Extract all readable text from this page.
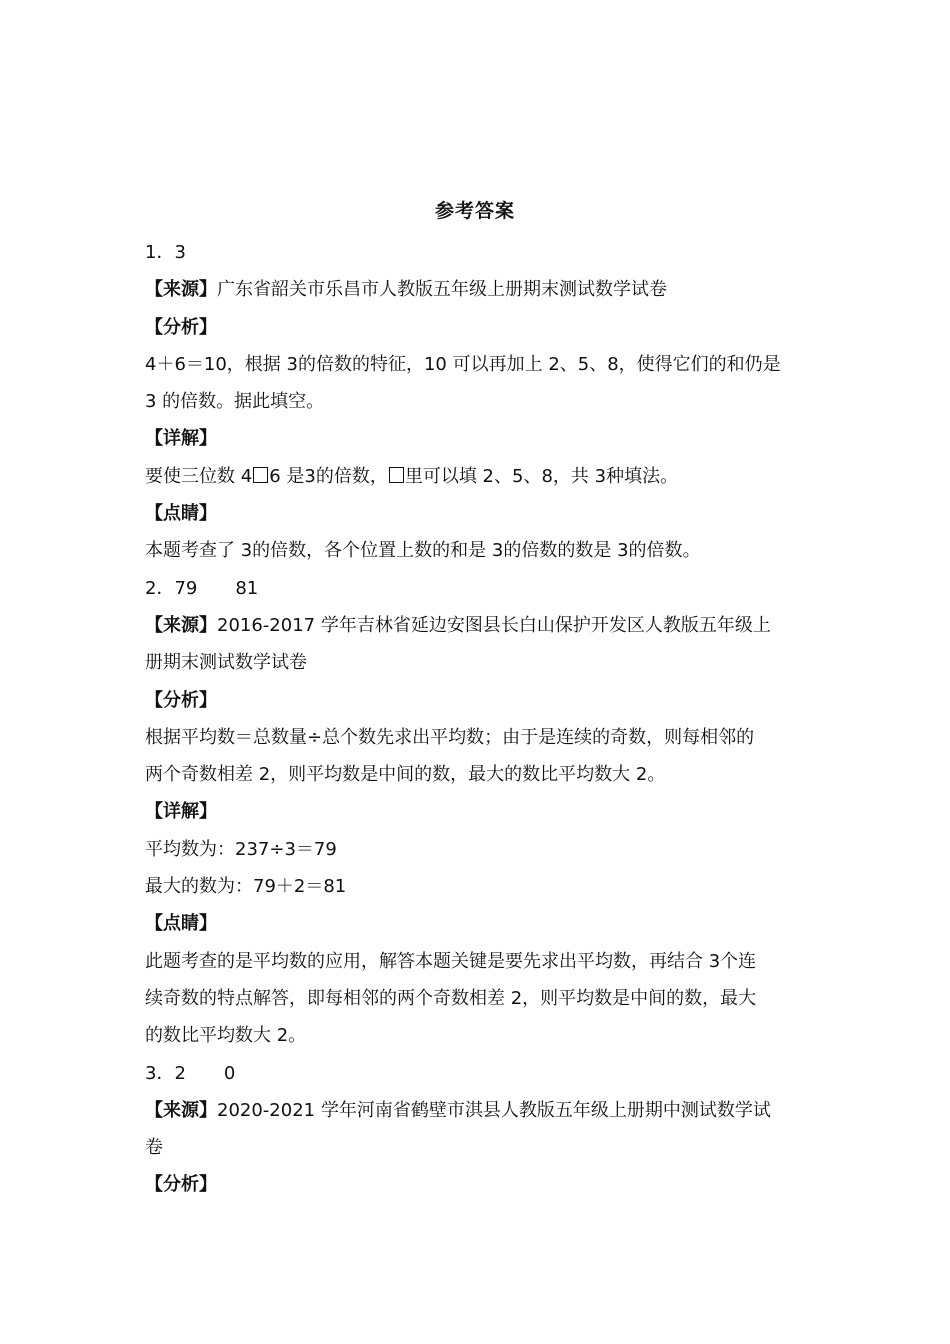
参考答案
1．3
【来源】广东省韶关市乐昌市人教版五年级上册期末测试数学试卷
【分析】
4＋6＝10，根据 3的倍数的特征，10 可以再加上 2、5、8，使得它们的和仍是
3 的倍数。据此填空。
【详解】
要使三位数 4 6 是3的倍数， 里可以填 2、5、8，共 3种填法。
【点睛】
本题考查了 3的倍数，各个位置上数的和是 3的倍数的数是 3的倍数。
2．79 81
【来源】2016-2017 学年吉林省延边安图县长白山保护开发区人教版五年级上
册期末测试数学试卷
【分析】
根据平均数＝总数量÷总个数先求出平均数；由于是连续的奇数，则每相邻的
两个奇数相差 2，则平均数是中间的数，最大的数比平均数大 2。
【详解】
平均数为：237÷3＝79
最大的数为：79＋2＝81
【点睛】
此题考查的是平均数的应用，解答本题关键是要先求出平均数，再结合 3个连
续奇数的特点解答，即每相邻的两个奇数相差 2，则平均数是中间的数，最大
的数比平均数大 2。
3．2 0
【来源】2020-2021 学年河南省鹤壁市淇县人教版五年级上册期中测试数学试
卷
【分析】
